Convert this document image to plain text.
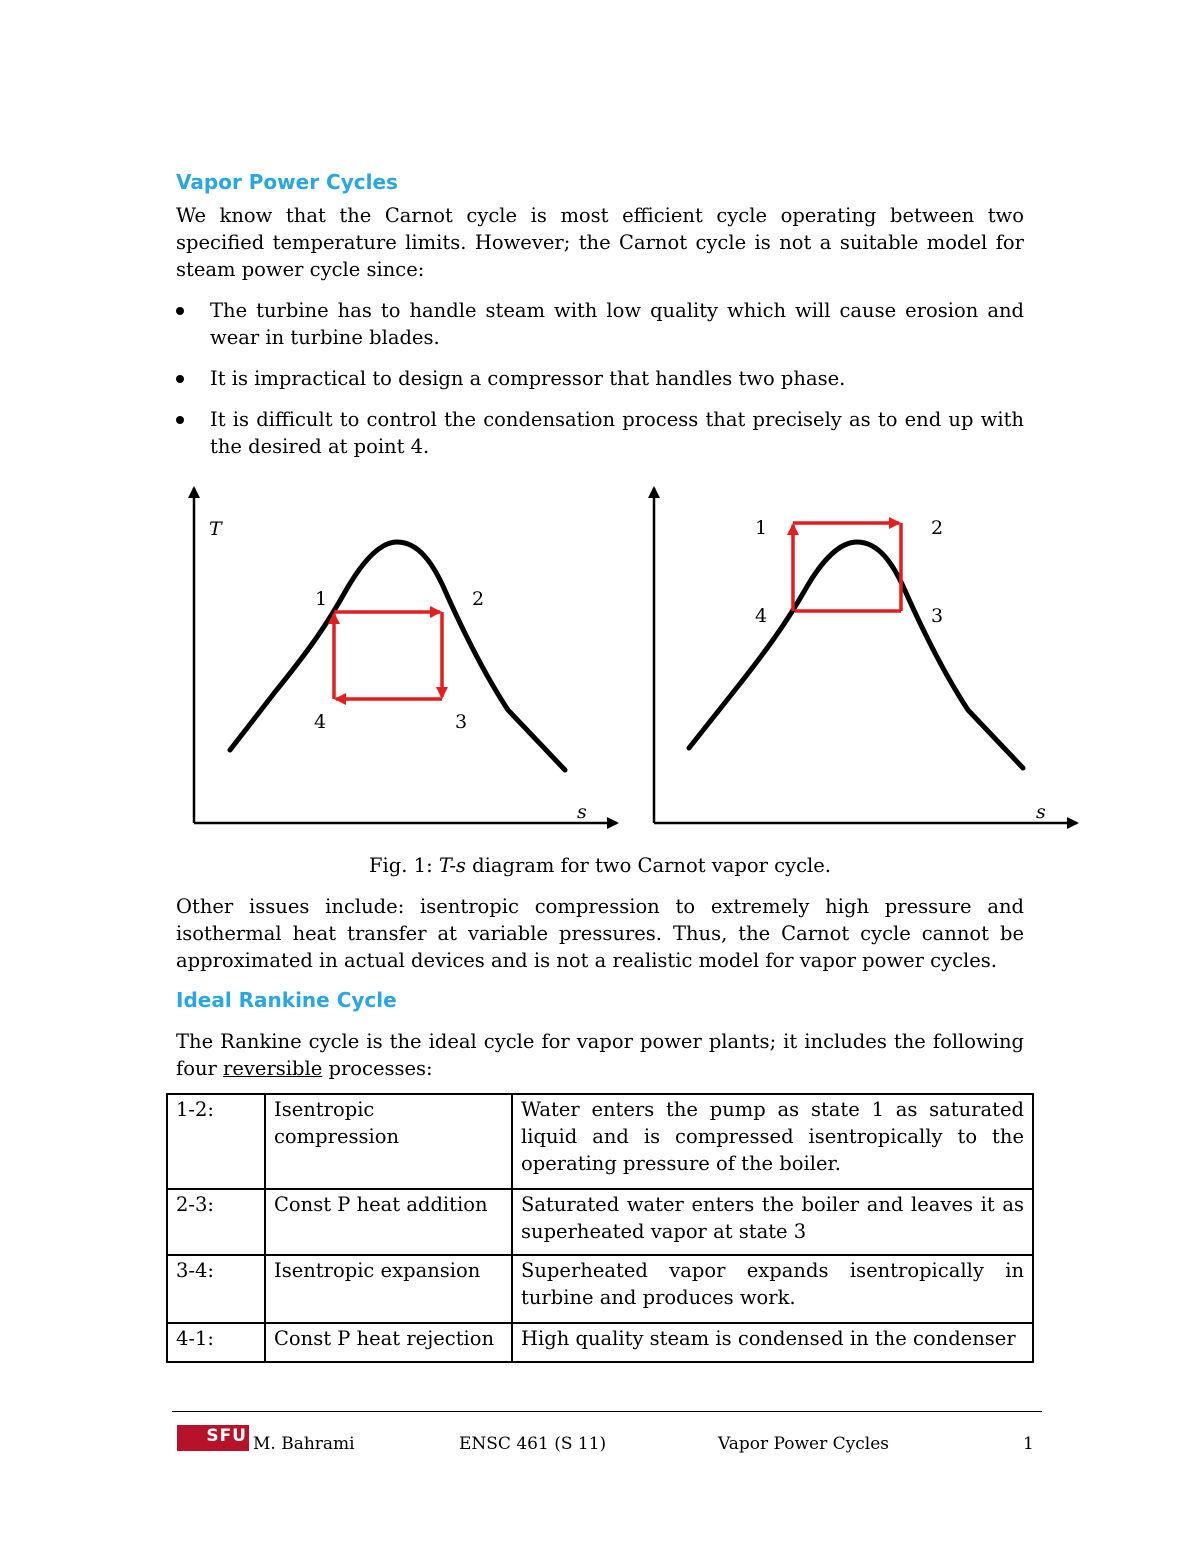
Vapor Power Cycles
We know that the Carnot cycle is most efficient cycle operating between two specified temperature limits. However; the Carnot cycle is not a suitable model for steam power cycle since:
The turbine has to handle steam with low quality which will cause erosion and wear in turbine blades.
It is impractical to design a compressor that handles two phase.
It is difficult to control the condensation process that precisely as to end up with the desired at point 4.
T
s
1	2
3
4
s
1	2
3
4
Fig. 1: T-s diagram for two Carnot vapor cycle.
Other issues include: isentropic compression to extremely high pressure and isothermal heat transfer at variable pressures. Thus, the Carnot cycle cannot be approximated in actual devices and is not a realistic model for vapor power cycles.
Ideal Rankine Cycle
The Rankine cycle is the ideal cycle for vapor power plants; it includes the following four reversible processes:
1-2:	Isentropic compression	Water enters the pump as state 1 as saturated liquid and is compressed isentropically to the operating pressure of the boiler.
2-3:	Const P heat addition	Saturated water enters the boiler and leaves it as superheated vapor at state 3
3-4:	Isentropic expansion	Superheated vapor expands isentropically in turbine and produces work.
4-1:	Const P heat rejection	High quality steam is condensed in the condenser
SFU M. Bahrami	ENSC 461 (S 11)	Vapor Power Cycles	1
